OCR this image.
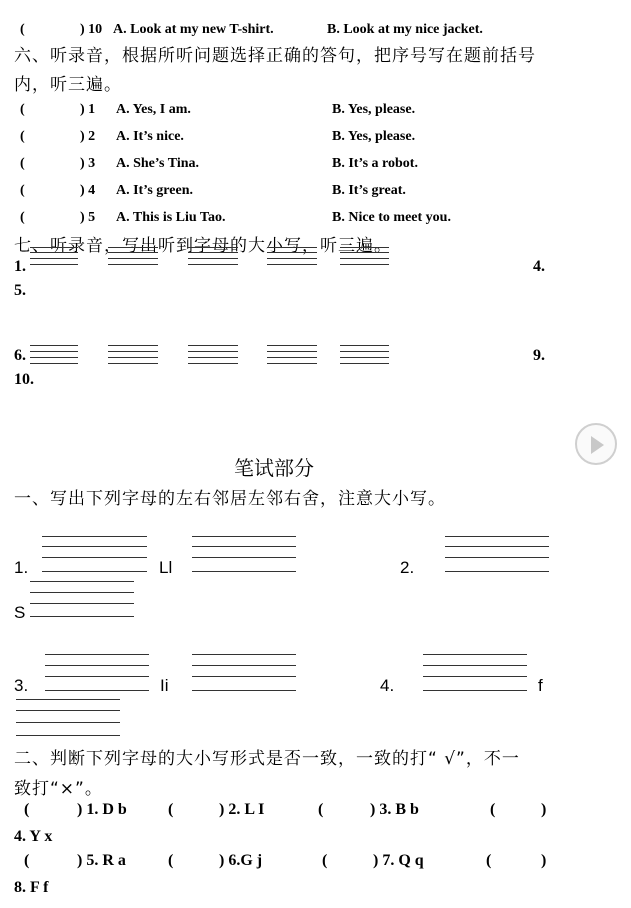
(	) 10 A. Look at my new T-shirt.	B. Look at my nice jacket.
六、听录音，根据所听问题选择正确的答句，把序号写在题前括号
内，听三遍。
(	) 1 A. Yes, I am.	B. Yes, please.
(	) 2 A. It’s nice.	B. Yes, please.
(	) 3 A. She’s Tina.	B. It’s a robot.
(	) 4 A. It’s green.	B. It’s great.
(	) 5 A. This is Liu Tao.	B. Nice to meet you.
七、听录音，写出听到字母的大小写，听三遍。
1.	4.
5.
6.	9.
10.
笔试部分
一、写出下列字母的左右邻居左邻右舍，注意大小写。
1.	Ll	2.
S
3.	Ii	4.	f
二、判断下列字母的大小写形式是否一致，一致的打“ √”，不一
致打“×”。
(	) 1. D b	(	) 2. L I	(	) 3. B b	(	)
4. Y x
(	) 5. R a	(	) 6.G j	(	) 7. Q q	(	)
8. F f
